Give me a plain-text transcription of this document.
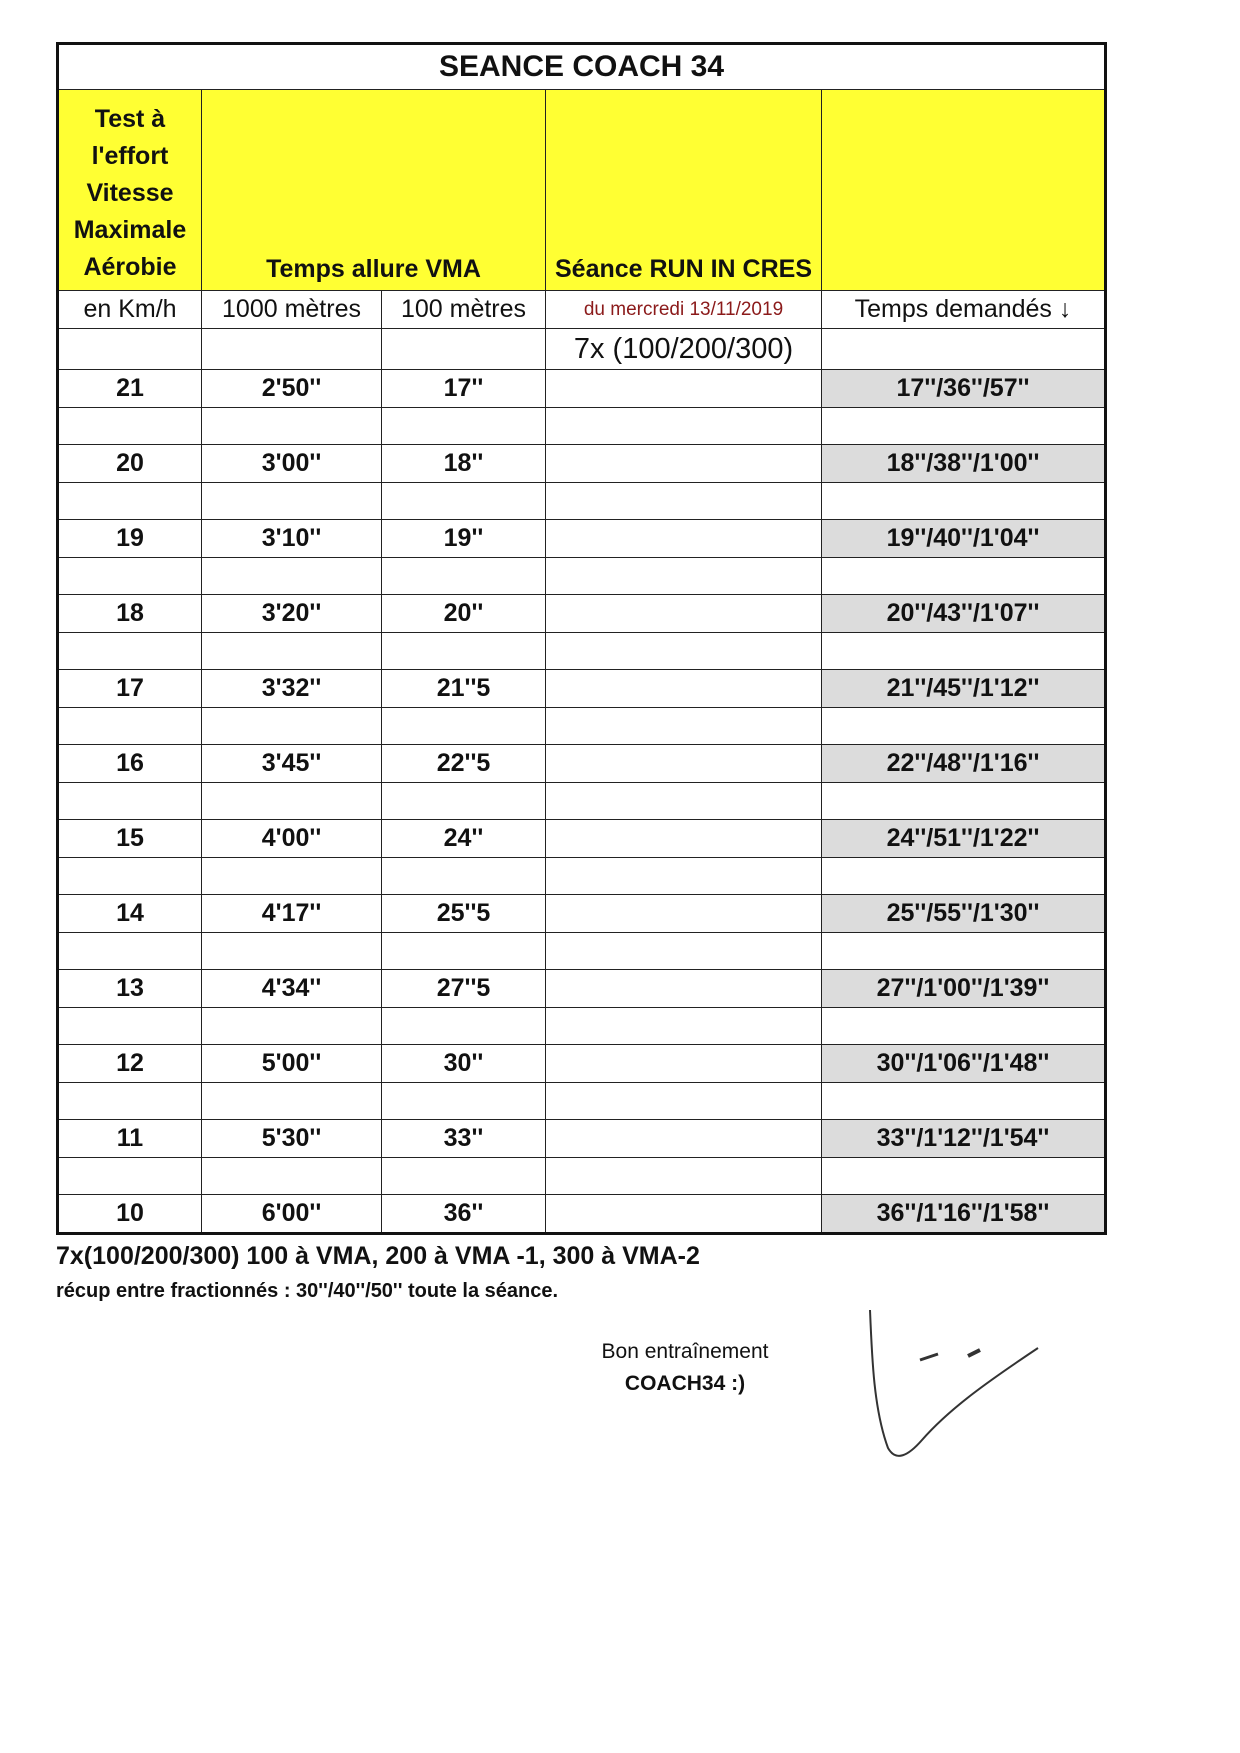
SEANCE COACH 34				
Test à
l'effort
Vitesse
Maximale
Aérobie	Temps allure VMA		Séance RUN IN CRES	
en Km/h	1000 mètres	100 mètres	du mercredi 13/11/2019	Temps demandés ↓
			7x (100/200/300)	
21	2'50''	17''		17''/36''/57''

20	3'00''	18''		18''/38''/1'00''

19	3'10''	19''		19''/40''/1'04''

18	3'20''	20''		20''/43''/1'07''

17	3'32''	21''5		21''/45''/1'12''

16	3'45''	22''5		22''/48''/1'16''

15	4'00''	24''		24''/51''/1'22''

14	4'17''	25''5		25''/55''/1'30''

13	4'34''	27''5		27''/1'00''/1'39''

12	5'00''	30''		30''/1'06''/1'48''

11	5'30''	33''		33''/1'12''/1'54''

10	6'00''	36''		36''/1'16''/1'58''
7x(100/200/300) 100 à VMA, 200 à VMA -1, 300 à VMA-2
récup entre fractionnés : 30''/40''/50'' toute la séance.
Bon entraînement
COACH34 :)
